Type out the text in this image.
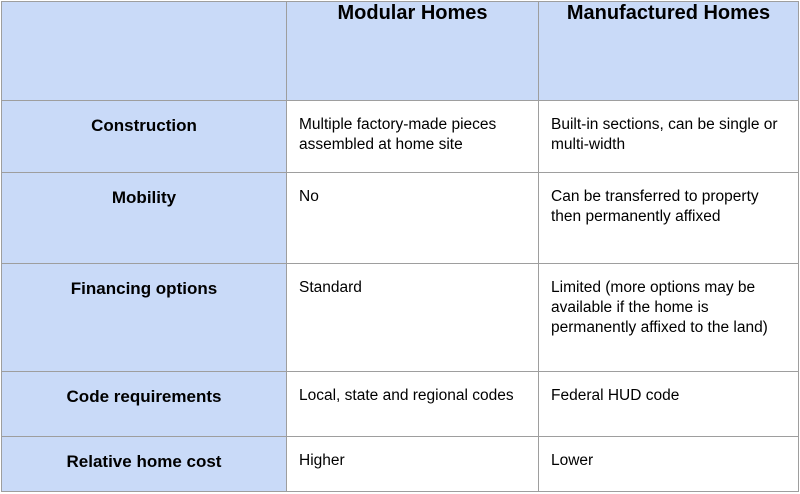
	Modular Homes	Manufactured Homes
Construction	Multiple factory-made pieces assembled at home site	Built-in sections, can be single or multi-width
Mobility	No	Can be transferred to property then permanently affixed
Financing options	Standard	Limited (more options may be available if the home is permanently affixed to the land)
Code requirements	Local, state and regional codes	Federal HUD code
Relative home cost	Higher	Lower
